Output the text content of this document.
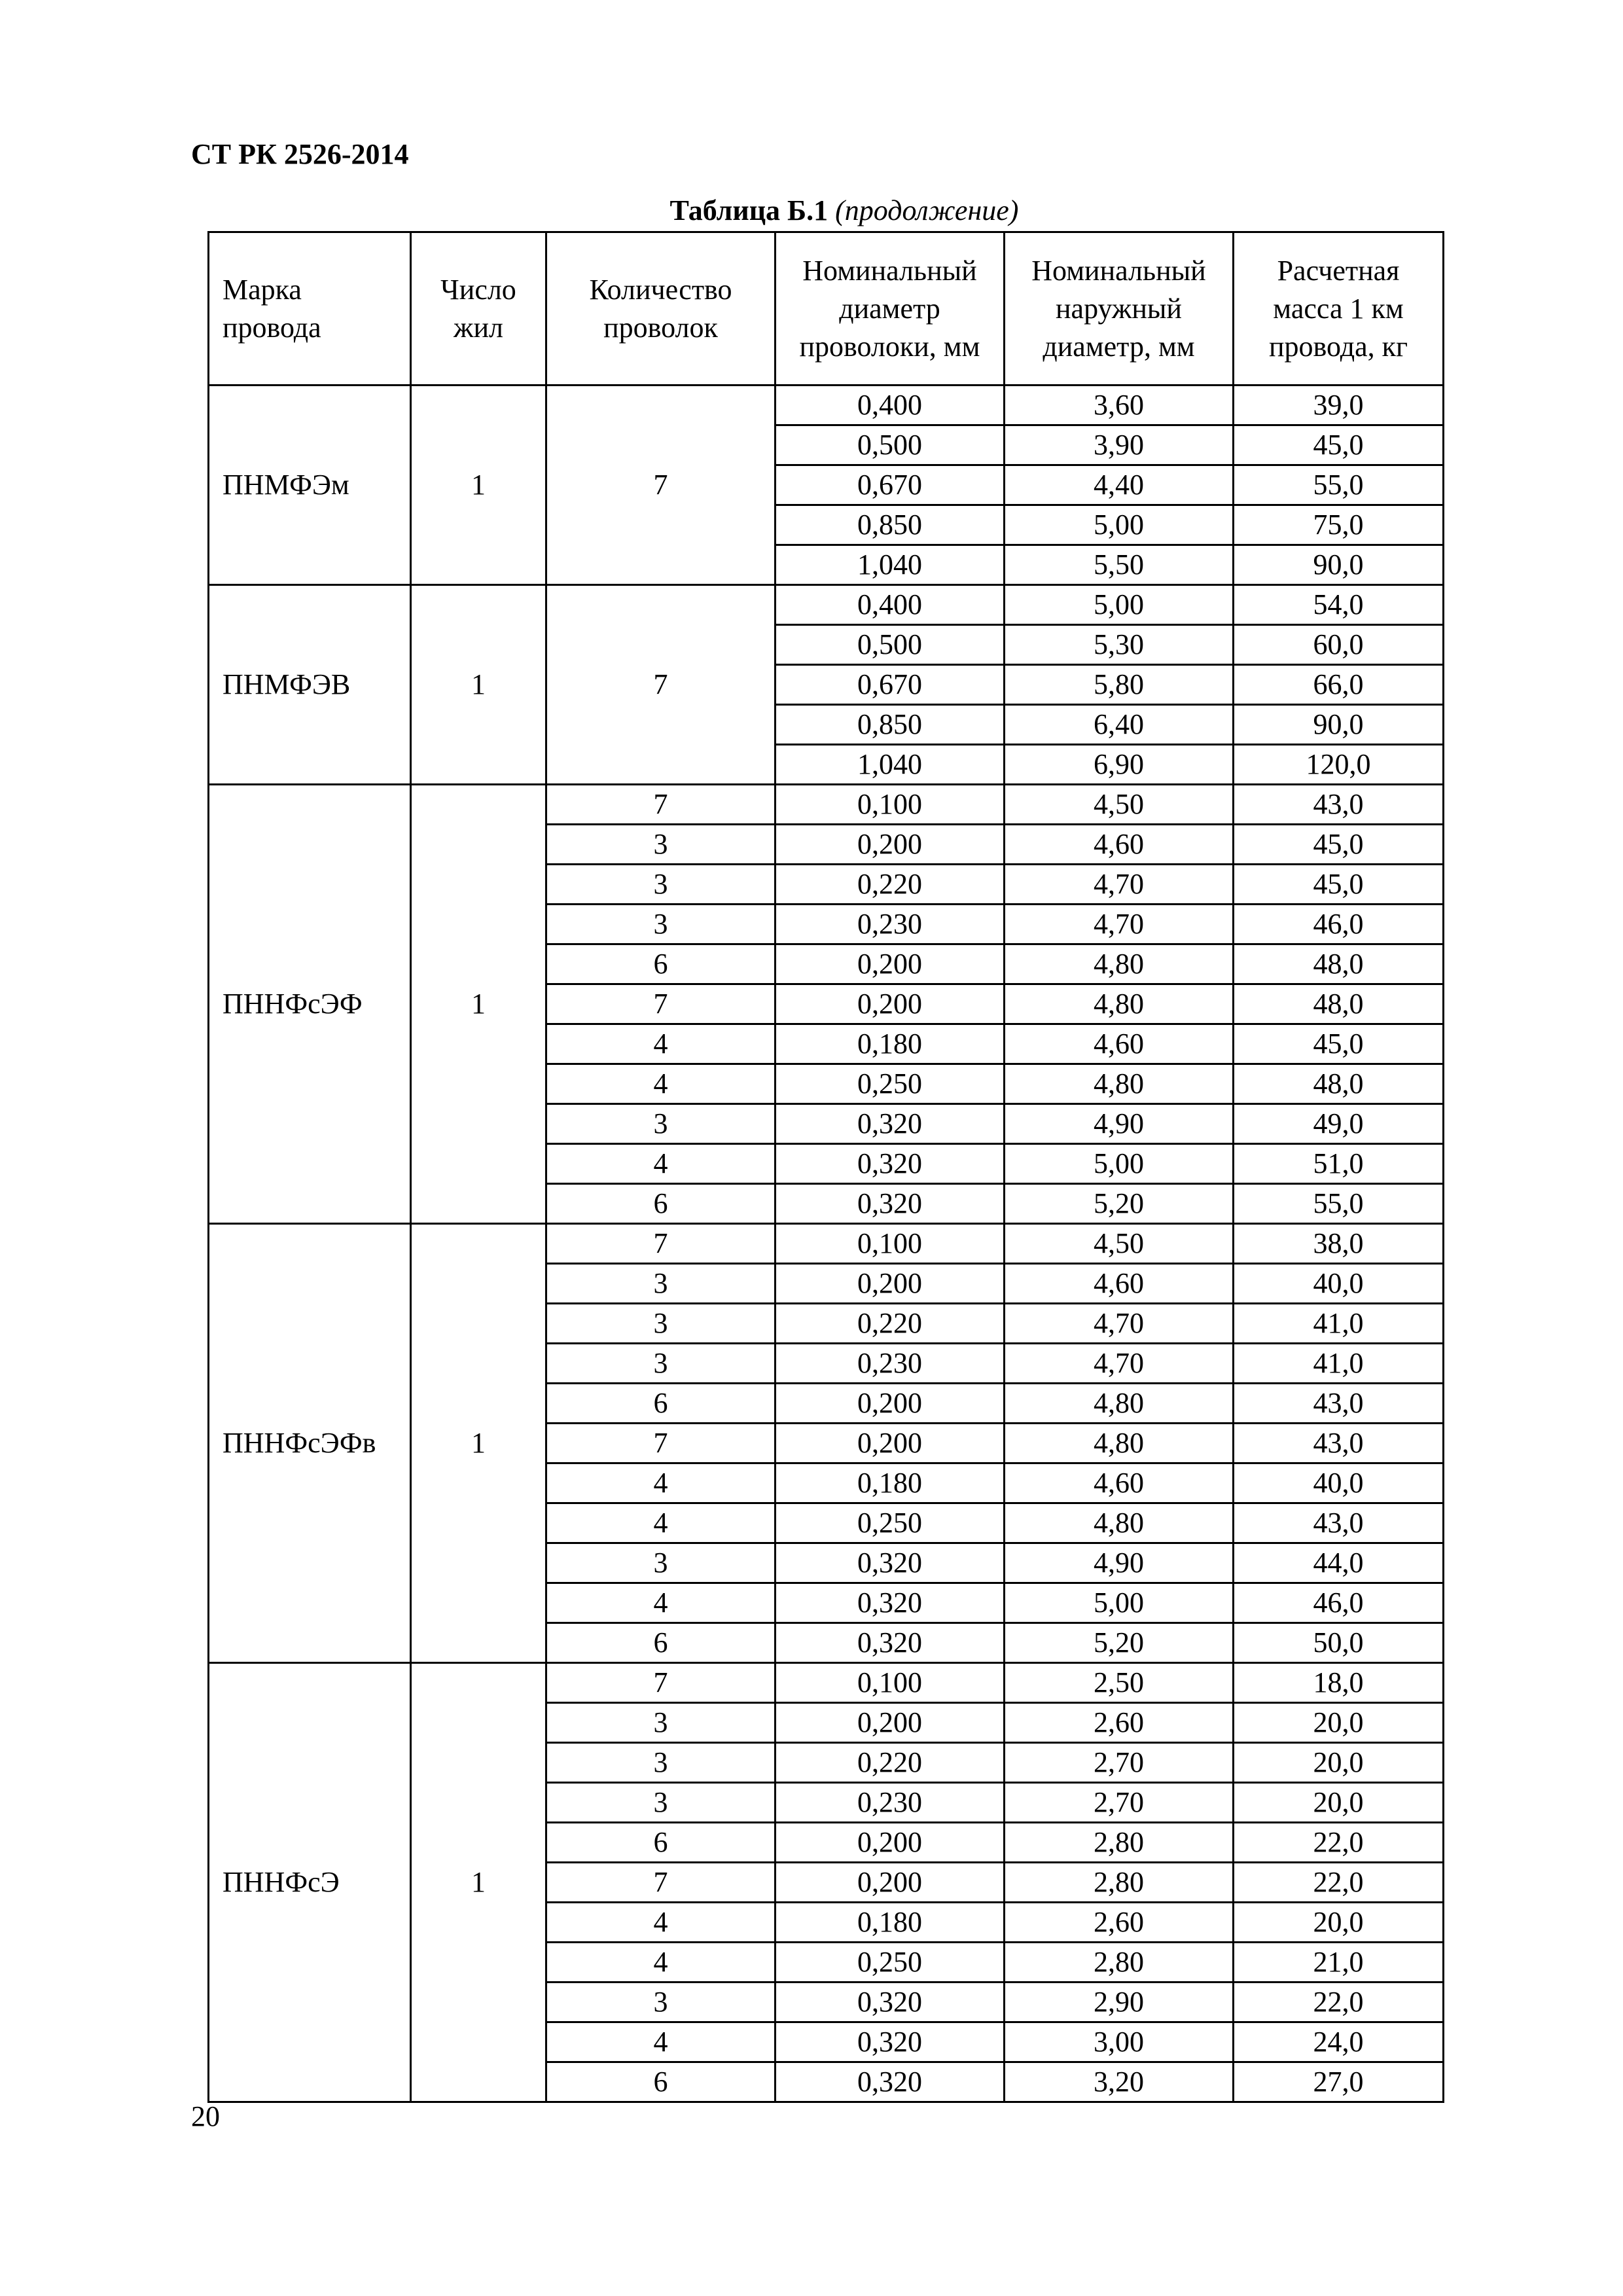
СТ РК 2526-2014
Таблица Б.1 (продолжение)
Марка провода	Число жил	Количество проволок	Номинальный диаметр проволоки, мм	Номинальный наружный диаметр, мм	Расчетная масса 1 км провода, кг
ПНМФЭм	1	7	0,400	3,60	39,0
			0,500	3,90	45,0
			0,670	4,40	55,0
			0,850	5,00	75,0
			1,040	5,50	90,0
ПНМФЭВ	1	7	0,400	5,00	54,0
			0,500	5,30	60,0
			0,670	5,80	66,0
			0,850	6,40	90,0
			1,040	6,90	120,0
ПННФсЭФ	1	7	0,100	4,50	43,0
		3	0,200	4,60	45,0
		3	0,220	4,70	45,0
		3	0,230	4,70	46,0
		6	0,200	4,80	48,0
		7	0,200	4,80	48,0
		4	0,180	4,60	45,0
		4	0,250	4,80	48,0
		3	0,320	4,90	49,0
		4	0,320	5,00	51,0
		6	0,320	5,20	55,0
ПННФсЭФв	1	7	0,100	4,50	38,0
		3	0,200	4,60	40,0
		3	0,220	4,70	41,0
		3	0,230	4,70	41,0
		6	0,200	4,80	43,0
		7	0,200	4,80	43,0
		4	0,180	4,60	40,0
		4	0,250	4,80	43,0
		3	0,320	4,90	44,0
		4	0,320	5,00	46,0
		6	0,320	5,20	50,0
ПННФсЭ	1	7	0,100	2,50	18,0
		3	0,200	2,60	20,0
		3	0,220	2,70	20,0
		3	0,230	2,70	20,0
		6	0,200	2,80	22,0
		7	0,200	2,80	22,0
		4	0,180	2,60	20,0
		4	0,250	2,80	21,0
		3	0,320	2,90	22,0
		4	0,320	3,00	24,0
		6	0,320	3,20	27,0
20
